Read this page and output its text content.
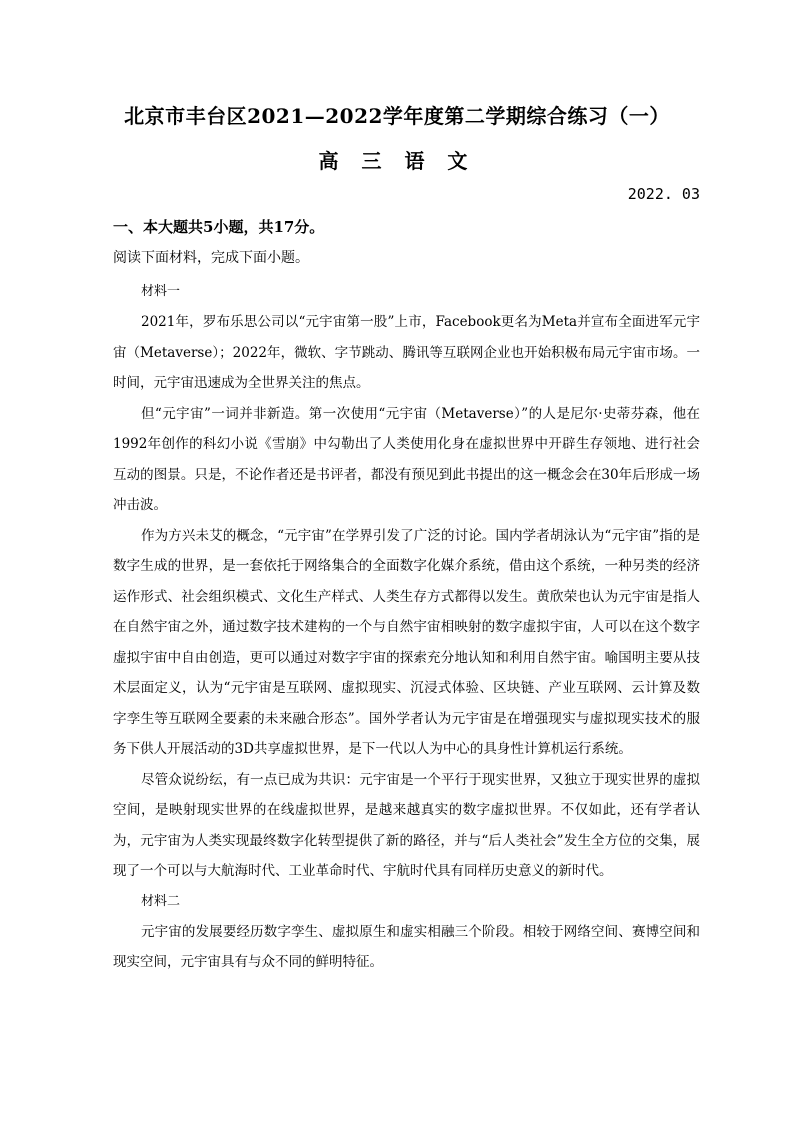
北京市丰台区2021—2022学年度第二学期综合练习（一）
高 三 语 文
2022. 03
一、本大题共5小题，共17分。

阅读下面材料，完成下面小题。

材料一

2021年，罗布乐思公司以“元宇宙第一股”上市，Facebook更名为Meta并宣布全面进军元宇宙（Metaverse）；2022年，微软、字节跳动、腾讯等互联网企业也开始积极布局元宇宙市场。一时间，元宇宙迅速成为全世界关注的焦点。

但“元宇宙”一词并非新造。第一次使用“元宇宙（Metaverse）”的人是尼尔·史蒂芬森，他在1992年创作的科幻小说《雪崩》中勾勒出了人类使用化身在虚拟世界中开辟生存领地、进行社会互动的图景。只是，不论作者还是书评者，都没有预见到此书提出的这一概念会在30年后形成一场冲击波。

作为方兴未艾的概念，“元宇宙”在学界引发了广泛的讨论。国内学者胡泳认为“元宇宙”指的是数字生成的世界，是一套依托于网络集合的全面数字化媒介系统，借由这个系统，一种另类的经济运作形式、社会组织模式、文化生产样式、人类生存方式都得以发生。黄欣荣也认为元宇宙是指人在自然宇宙之外，通过数字技术建构的一个与自然宇宙相映射的数字虚拟宇宙，人可以在这个数字虚拟宇宙中自由创造，更可以通过对数字宇宙的探索充分地认知和利用自然宇宙。喻国明主要从技术层面定义，认为“元宇宙是互联网、虚拟现实、沉浸式体验、区块链、产业互联网、云计算及数字孪生等互联网全要素的未来融合形态”。国外学者认为元宇宙是在增强现实与虚拟现实技术的服务下供人开展活动的3D共享虚拟世界，是下一代以人为中心的具身性计算机运行系统。

尽管众说纷纭，有一点已成为共识：元宇宙是一个平行于现实世界，又独立于现实世界的虚拟空间，是映射现实世界的在线虚拟世界，是越来越真实的数字虚拟世界。不仅如此，还有学者认为，元宇宙为人类实现最终数字化转型提供了新的路径，并与“后人类社会”发生全方位的交集，展现了一个可以与大航海时代、工业革命时代、宇航时代具有同样历史意义的新时代。

材料二

元宇宙的发展要经历数字孪生、虚拟原生和虚实相融三个阶段。相较于网络空间、赛博空间和现实空间，元宇宙具有与众不同的鲜明特征。
